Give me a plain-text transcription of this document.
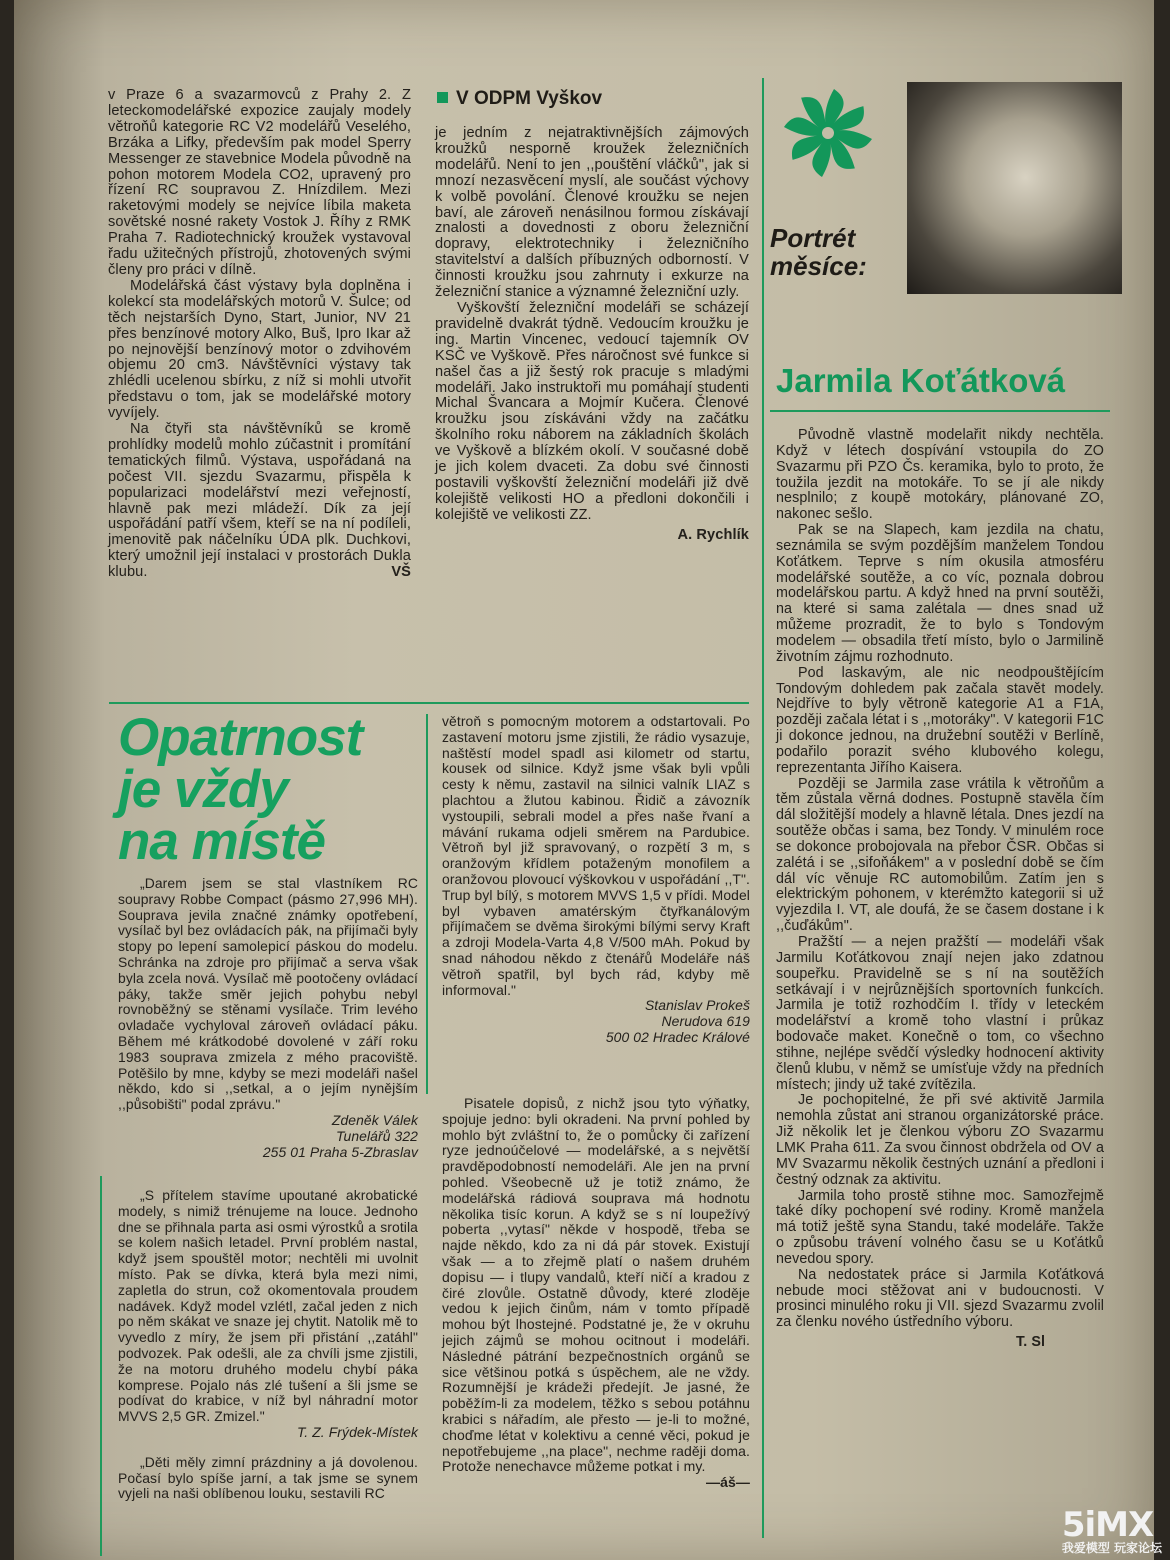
v Praze 6 a svazarmovců z Prahy 2. Z leteckomodelářské expozice zaujaly modely větroňů kategorie RC V2 modelářů Veselého, Brzáka a Lifky, především pak model Sperry Messenger ze stavebnice Modela původně na pohon motorem Modela CO2, upravený pro řízení RC soupravou Z. Hnízdilem. Mezi raketovými modely se nejvíce líbila maketa sovětské nosné rakety Vostok J. Říhy z RMK Praha 7. Radiotechnický kroužek vystavoval řadu užitečných přístrojů, zhotovených svými členy pro práci v dílně.

Modelářská část výstavy byla doplněna i kolekcí sta modelářských motorů V. Šulce; od těch nejstarších Dyno, Start, Junior, NV 21 přes benzínové motory Alko, Buš, Ipro Ikar až po nejnovější benzínový motor o zdvihovém objemu 20 cm3. Návštěvníci výstavy tak zhlédli ucelenou sbírku, z níž si mohli utvořit představu o tom, jak se modelářské motory vyvíjely.

Na čtyři sta návštěvníků se kromě prohlídky modelů mohlo zúčastnit i promítání tematických filmů. Výstava, uspořádaná na počest VII. sjezdu Svazarmu, přispěla k popularizaci modelářství mezi veřejností, hlavně pak mezi mládeží. Dík za její uspořádání patří všem, kteří se na ní podíleli, jmenovitě pak náčelníku ÚDA plk. Duchkovi, který umožnil její instalaci v prostorách Dukla klubu.	VŠ
V ODPM Vyškov

je jedním z nejatraktivnějších zájmových kroužků nesporně kroužek železničních modelářů. Není to jen ,,pouštění vláčků", jak si mnozí nezasvěcení myslí, ale součást výchovy k volbě povolání. Členové kroužku se nejen baví, ale zároveň nenásilnou formou získávají znalosti a dovednosti z oboru železniční dopravy, elektrotechniky i železničního stavitelství a dalších příbuzných odborností. V činnosti kroužku jsou zahrnuty i exkurze na železniční stanice a významné železniční uzly.

Vyškovští železniční modeláři se scházejí pravidelně dvakrát týdně. Vedoucím kroužku je ing. Martin Vincenec, vedoucí tajemník OV KSČ ve Vyškově. Přes náročnost své funkce si našel čas a již šestý rok pracuje s mladými modeláři. Jako instruktoři mu pomáhají studenti Michal Švancara a Mojmír Kučera. Členové kroužku jsou získáváni vždy na začátku školního roku náborem na základních školách ve Vyškově a blízkém okolí. V současné době je jich kolem dvaceti. Za dobu své činnosti postavili vyškovští železniční modeláři již dvě kolejiště velikosti HO a předloni dokončili i kolejiště ve velikosti ZZ.

A. Rychlík
Opatrnost
je vždy
na místě

„Darem jsem se stal vlastníkem RC soupravy Robbe Compact (pásmo 27,996 MH). Souprava jevila značné známky opotřebení, vysílač byl bez ovládacích pák, na přijímači byly stopy po lepení samolepicí páskou do modelu. Schránka na zdroje pro přijímač a serva však byla zcela nová. Vysílač mě pootočeny ovládací páky, takže směr jejich pohybu nebyl rovnoběžný se stěnami vysílače. Trim levého ovladače vychyloval zároveň ovládací páku. Během mé krátkodobé dovolené v září roku 1983 souprava zmizela z mého pracoviště. Potěšilo by mne, kdyby se mezi modeláři našel někdo, kdo si ,,setkal, a o jejím nynějším ,,působišti" podal zprávu."

Zdeněk Válek
Tunelářů 322
255 01 Praha 5-Zbraslav

„S přítelem stavíme upoutané akrobatické modely, s nimiž trénujeme na louce. Jednoho dne se přihnala parta asi osmi výrostků a srotila se kolem našich letadel. První problém nastal, když jsem spouštěl motor; nechtěli mi uvolnit místo. Pak se dívka, která byla mezi nimi, zapletla do strun, což okomentovala proudem nadávek. Když model vzlétl, začal jeden z nich po něm skákat ve snaze jej chytit. Natolik mě to vyvedlo z míry, že jsem při přistání ,,zatáhl" podvozek. Pak odešli, ale za chvíli jsme zjistili, že na motoru druhého modelu chybí páka komprese. Pojalo nás zlé tušení a šli jsme se podívat do krabice, v níž byl náhradní motor MVVS 2,5 GR. Zmizel."

T. Z. Frýdek-Místek

„Děti měly zimní prázdniny a já dovolenou. Počasí bylo spíše jarní, a tak jsme se synem vyjeli na naši oblíbenou louku, sestavili RC

větroň s pomocným motorem a odstartovali. Po zastavení motoru jsme zjistili, že rádio vysazuje, naštěstí model spadl asi kilometr od startu, kousek od silnice. Když jsme však byli vpůli cesty k němu, zastavil na silnici valník LIAZ s plachtou a žlutou kabinou. Řidič a závozník vystoupili, sebrali model a přes naše řvaní a mávání rukama odjeli směrem na Pardubice. Větroň byl již spravovaný, o rozpětí 3 m, s oranžovým křídlem potaženým monofilem a oranžovou plovoucí výškovkou v uspořádání ,,T". Trup byl bílý, s motorem MVVS 1,5 v přídi. Model byl vybaven amatérským čtyřkanálovým přijímačem se dvěma širokými bílými servy Kraft a zdroji Modela-Varta 4,8 V/500 mAh. Pokud by snad náhodou někdo z čtenářů Modeláře náš větroň spatřil, byl bych rád, kdyby mě informoval."

Stanislav Prokeš
Nerudova 619
500 02 Hradec Králové

Pisatele dopisů, z nichž jsou tyto výňatky, spojuje jedno: byli okradeni. Na první pohled by mohlo být zvláštní to, že o pomůcky či zařízení ryze jednoúčelové — modelářské, a s největší pravděpodobností nemodeláři. Ale jen na první pohled. Všeobecně už je totiž známo, že modelářská rádiová souprava má hodnotu několika tisíc korun. A když se s ní loupežívý poberta ,,vytasí" někde v hospodě, třeba se najde někdo, kdo za ni dá pár stovek. Existují však — a to zřejmě platí o našem druhém dopisu — i tlupy vandalů, kteří ničí a kradou z čiré zlovůle. Ostatně důvody, které zloděje vedou k jejich činům, nám v tomto případě mohou být lhostejné. Podstatné je, že v okruhu jejich zájmů se mohou ocitnout i modeláři. Následné pátrání bezpečnostních orgánů se sice většinou potká s úspěchem, ale ne vždy. Rozumnější je krádeži předejít. Je jasné, že poběžím-li za modelem, těžko s sebou potáhnu krabici s nářadím, ale přesto — je-li to možné, choďme létat v kolektivu a cenné věci, pokud je nepotřebujeme ,,na place", nechme raději doma. Protože nenechavce můžeme potkat i my.

—áš—
Portrét
měsíce:
Jarmila Koťátková

Původně vlastně modelařit nikdy nechtěla. Když v létech dospívání vstoupila do ZO Svazarmu při PZO Čs. keramika, bylo to proto, že toužila jezdit na motokáře. To se jí ale nikdy nesplnilo; z koupě motokáry, plánované ZO, nakonec sešlo.

Pak se na Slapech, kam jezdila na chatu, seznámila se svým pozdějším manželem Tondou Koťátkem. Teprve s ním okusila atmosféru modelářské soutěže, a co víc, poznala dobrou modelářskou partu. A když hned na první soutěži, na které si sama zalétala — dnes snad už můžeme prozradit, že to bylo s Tondovým modelem — obsadila třetí místo, bylo o Jarmilině životním zájmu rozhodnuto.

Pod laskavým, ale nic neodpouštějícím Tondovým dohledem pak začala stavět modely. Nejdříve to byly větroně kategorie A1 a F1A, později začala létat i s ,,motoráky". V kategorii F1C ji dokonce jednou, na družební soutěži v Berlíně, podařilo porazit svého klubového kolegu, reprezentanta Jiřího Kaisera.

Později se Jarmila zase vrátila k větroňům a těm zůstala věrná dodnes. Postupně stavěla čím dál složitější modely a hlavně létala. Dnes jezdí na soutěže občas i sama, bez Tondy. V minulém roce se dokonce probojovala na přebor ČSR. Občas si zalétá i se ,,sifoňákem" a v poslední době se čím dál víc věnuje RC automobilům. Zatím jen s elektrickým pohonem, v kterémžto kategorii si už vyjezdila I. VT, ale doufá, že se časem dostane i k ,,čuďákům".

Pražští — a nejen pražští — modeláři však Jarmilu Koťátkovou znají nejen jako zdatnou soupeřku. Pravidelně se s ní na soutěžích setkávají i v nejrůznějších sportovních funkcích. Jarmila je totiž rozhodčím I. třídy v leteckém modelářství a kromě toho vlastní i průkaz bodovače maket. Konečně o tom, co všechno stihne, nejlépe svědčí výsledky hodnocení aktivity členů klubu, v němž se umísťuje vždy na předních místech; jindy už také zvítězila.

Je pochopitelné, že při své aktivitě Jarmila nemohla zůstat ani stranou organizátorské práce. Již několik let je členkou výboru ZO Svazarmu LMK Praha 611. Za svou činnost obdržela od OV a MV Svazarmu několik čestných uznání a předloni i čestný odznak za aktivitu.

Jarmila toho prostě stihne moc. Samozřejmě také díky pochopení své rodiny. Kromě manžela má totiž ještě syna Standu, také modeláře. Takže o způsobu trávení volného času se u Koťátků nevedou spory.

Na nedostatek práce si Jarmila Koťátková nebude moci stěžovat ani v budoucnosti. V prosinci minulého roku ji VII. sjezd Svazarmu zvolil za členku nového ústředního výboru.

T. Sl
5iMX
我爱模型 玩家论坛
